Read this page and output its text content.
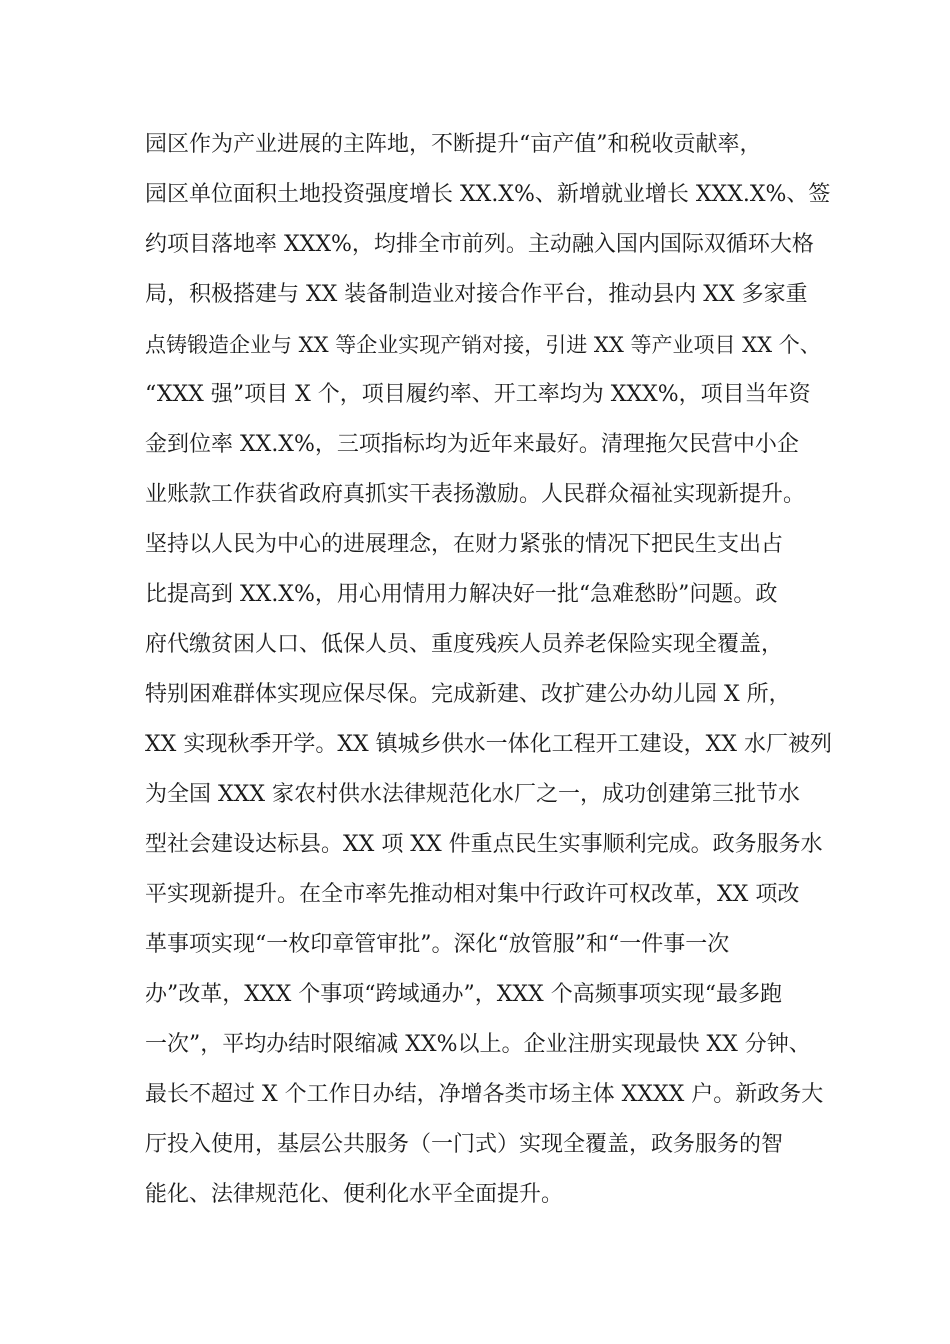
园区作为产业进展的主阵地，不断提升“亩产值”和税收贡献率，
园区单位面积土地投资强度增长 XX.X%、新增就业增长 XXX.X%、签
约项目落地率 XXX%，均排全市前列。主动融入国内国际双循环大格
局，积极搭建与 XX 装备制造业对接合作平台，推动县内 XX 多家重
点铸锻造企业与 XX 等企业实现产销对接，引进 XX 等产业项目 XX 个、
“XXX 强”项目 X 个，项目履约率、开工率均为 XXX%，项目当年资
金到位率 XX.X%，三项指标均为近年来最好。清理拖欠民营中小企
业账款工作获省政府真抓实干表扬激励。人民群众福祉实现新提升。
坚持以人民为中心的进展理念，在财力紧张的情况下把民生支出占
比提高到 XX.X%，用心用情用力解决好一批“急难愁盼”问题。政
府代缴贫困人口、低保人员、重度残疾人员养老保险实现全覆盖，
特别困难群体实现应保尽保。完成新建、改扩建公办幼儿园 X 所，
XX 实现秋季开学。XX 镇城乡供水一体化工程开工建设，XX 水厂被列
为全国 XXX 家农村供水法律规范化水厂之一，成功创建第三批节水
型社会建设达标县。XX 项 XX 件重点民生实事顺利完成。政务服务水
平实现新提升。在全市率先推动相对集中行政许可权改革，XX 项改
革事项实现“一枚印章管审批”。深化“放管服”和“一件事一次
办”改革，XXX 个事项“跨域通办”，XXX 个高频事项实现“最多跑
一次”，平均办结时限缩减 XX%以上。企业注册实现最快 XX 分钟、
最长不超过 X 个工作日办结，净增各类市场主体 XXXX 户。新政务大
厅投入使用，基层公共服务（一门式）实现全覆盖，政务服务的智
能化、法律规范化、便利化水平全面提升。
